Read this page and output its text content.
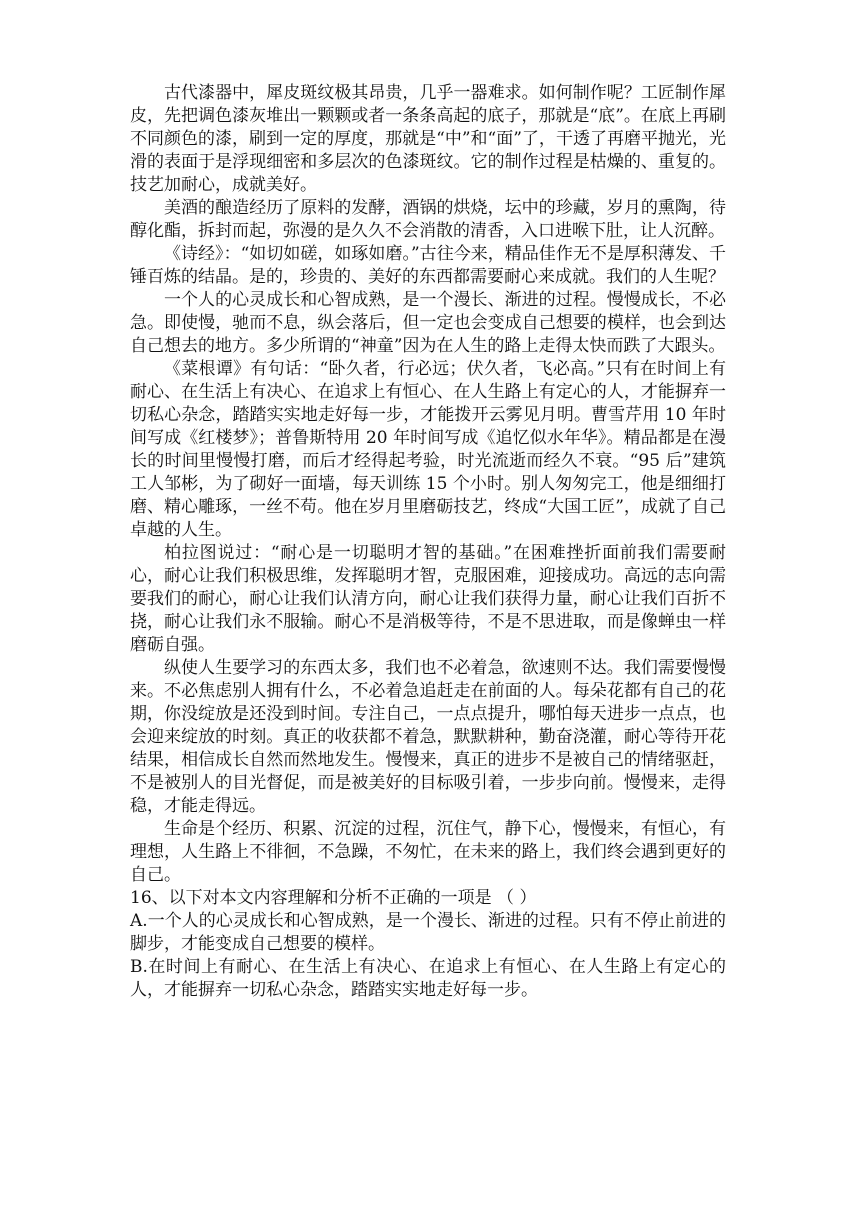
古代漆器中，犀皮斑纹极其昂贵，几乎一器难求。如何制作呢？工匠制作犀皮，先把调色漆灰堆出一颗颗或者一条条高起的底子，那就是“底”。在底上再刷不同颜色的漆，刷到一定的厚度，那就是“中”和“面”了，干透了再磨平抛光，光滑的表面于是浮现细密和多层次的色漆斑纹。它的制作过程是枯燥的、重复的。技艺加耐心，成就美好。

美酒的酿造经历了原料的发酵，酒锅的烘烧，坛中的珍藏，岁月的熏陶，待醇化酯，拆封而起，弥漫的是久久不会消散的清香，入口进喉下肚，让人沉醉。

《诗经》：“如切如磋，如琢如磨。”古往今来，精品佳作无不是厚积薄发、千锤百炼的结晶。是的，珍贵的、美好的东西都需要耐心来成就。我们的人生呢？

一个人的心灵成长和心智成熟，是一个漫长、渐进的过程。慢慢成长，不必急。即使慢，驰而不息，纵会落后，但一定也会变成自己想要的模样，也会到达自己想去的地方。多少所谓的“神童”因为在人生的路上走得太快而跌了大跟头。

《菜根谭》有句话：“卧久者，行必远；伏久者，飞必高。”只有在时间上有耐心、在生活上有决心、在追求上有恒心、在人生路上有定心的人，才能摒弃一切私心杂念，踏踏实实地走好每一步，才能拨开云雾见月明。曹雪芹用 10 年时间写成《红楼梦》；普鲁斯特用 20 年时间写成《追忆似水年华》。精品都是在漫长的时间里慢慢打磨，而后才经得起考验，时光流逝而经久不衰。“95 后”建筑工人邹彬，为了砌好一面墙，每天训练 15 个小时。别人匆匆完工，他是细细打磨、精心雕琢，一丝不苟。他在岁月里磨砺技艺，终成“大国工匠”，成就了自己卓越的人生。

柏拉图说过：“耐心是一切聪明才智的基础。”在困难挫折面前我们需要耐心，耐心让我们积极思维，发挥聪明才智，克服困难，迎接成功。高远的志向需要我们的耐心，耐心让我们认清方向，耐心让我们获得力量，耐心让我们百折不挠，耐心让我们永不服输。耐心不是消极等待，不是不思进取，而是像蝉虫一样磨砺自强。

纵使人生要学习的东西太多，我们也不必着急，欲速则不达。我们需要慢慢来。不必焦虑别人拥有什么，不必着急追赶走在前面的人。每朵花都有自己的花期，你没绽放是还没到时间。专注自己，一点点提升，哪怕每天进步一点点，也会迎来绽放的时刻。真正的收获都不着急，默默耕种，勤奋浇灌，耐心等待开花结果，相信成长自然而然地发生。慢慢来，真正的进步不是被自己的情绪驱赶，不是被别人的目光督促，而是被美好的目标吸引着，一步步向前。慢慢来，走得稳，才能走得远。

生命是个经历、积累、沉淀的过程，沉住气，静下心，慢慢来，有恒心，有理想，人生路上不徘徊，不急躁，不匆忙，在未来的路上，我们终会遇到更好的自己。

16、以下对本文内容理解和分析不正确的一项是 （ ）

A.一个人的心灵成长和心智成熟，是一个漫长、渐进的过程。只有不停止前进的脚步，才能变成自己想要的模样。

B.在时间上有耐心、在生活上有决心、在追求上有恒心、在人生路上有定心的人，才能摒弃一切私心杂念，踏踏实实地走好每一步。
